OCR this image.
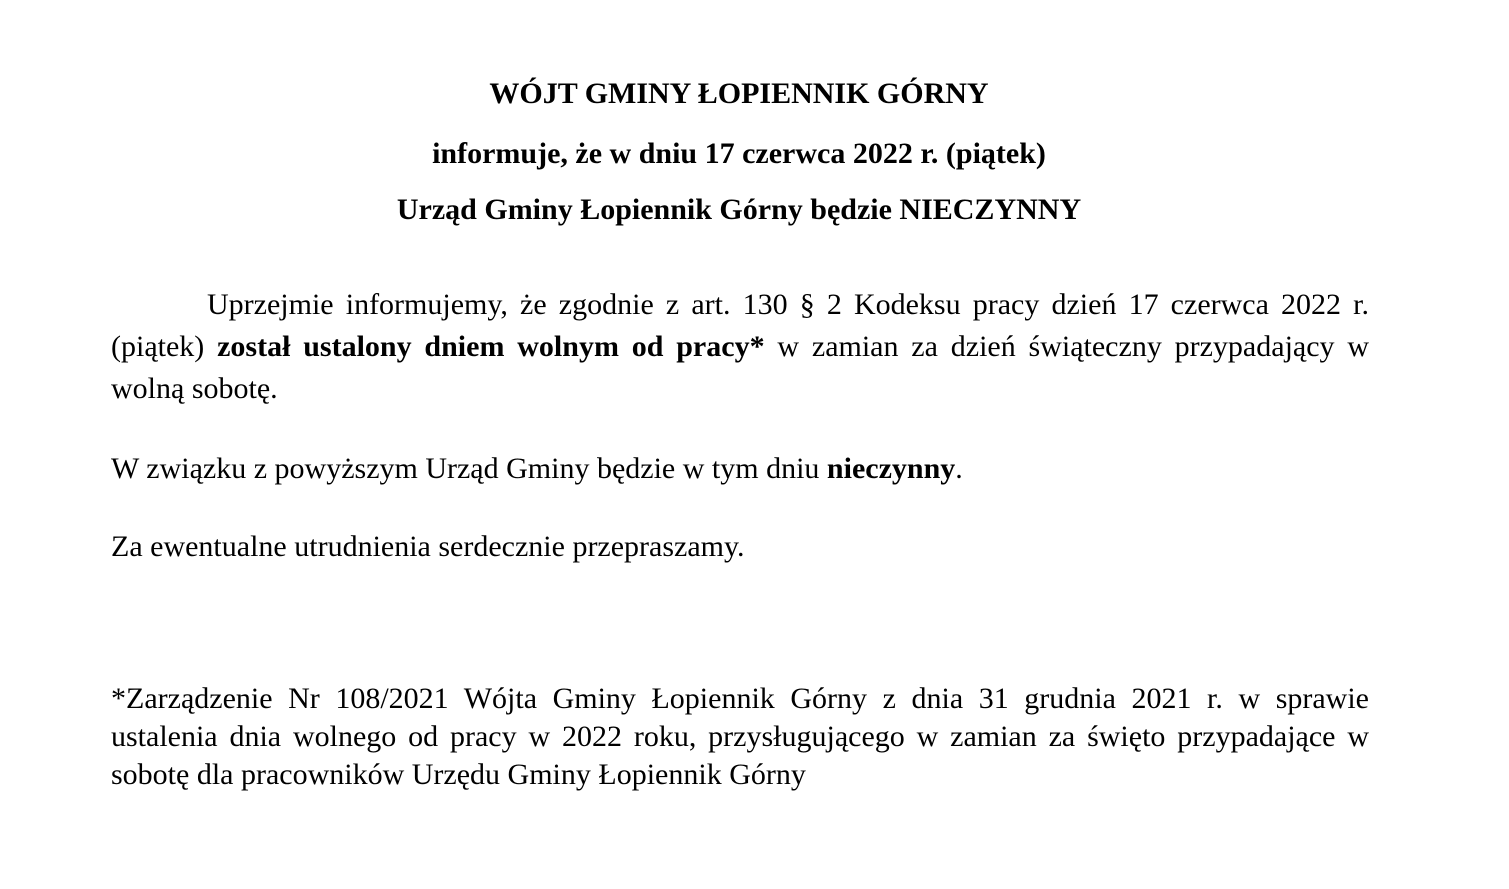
WÓJT GMINY ŁOPIENNIK GÓRNY
informuje, że w dniu 17 czerwca 2022 r. (piątek)
Urząd Gminy Łopiennik Górny będzie NIECZYNNY
Uprzejmie informujemy, że zgodnie z art. 130 § 2 Kodeksu pracy dzień 17 czerwca 2022 r. (piątek) został ustalony dniem wolnym od pracy* w zamian za dzień świąteczny przypadający w wolną sobotę.
W związku z powyższym Urząd Gminy będzie w tym dniu nieczynny.
Za ewentualne utrudnienia serdecznie przepraszamy.
*Zarządzenie Nr 108/2021 Wójta Gminy Łopiennik Górny z dnia 31 grudnia 2021 r. w sprawie ustalenia dnia wolnego od pracy w 2022 roku, przysługującego w zamian za święto przypadające w sobotę dla pracowników Urzędu Gminy Łopiennik Górny
